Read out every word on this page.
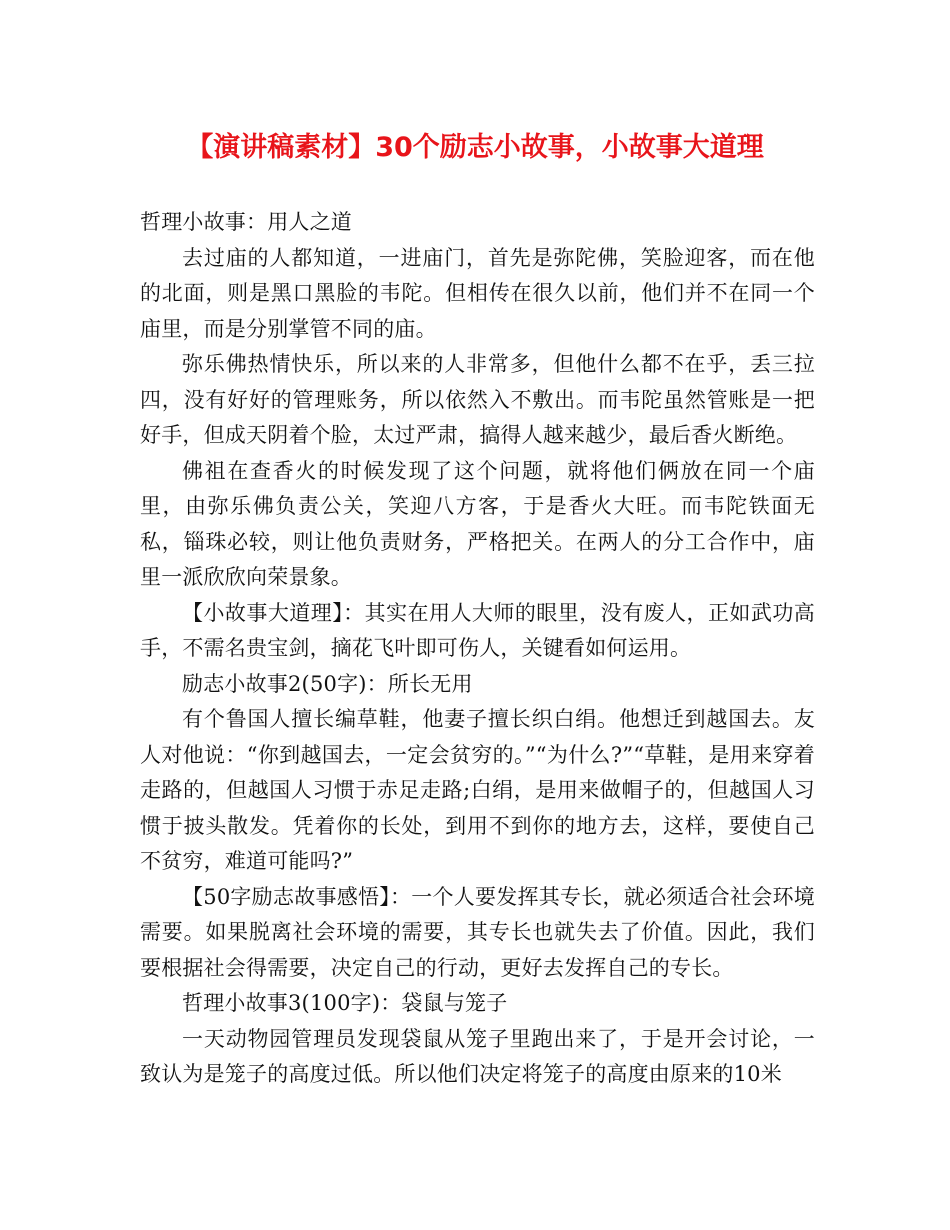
【演讲稿素材】30个励志小故事，小故事大道理

哲理小故事：用人之道

去过庙的人都知道，一进庙门，首先是弥陀佛，笑脸迎客，而在他的北面，则是黑口黑脸的韦陀。但相传在很久以前，他们并不在同一个庙里，而是分别掌管不同的庙。

弥乐佛热情快乐，所以来的人非常多，但他什么都不在乎，丢三拉四，没有好好的管理账务，所以依然入不敷出。而韦陀虽然管账是一把好手，但成天阴着个脸，太过严肃，搞得人越来越少，最后香火断绝。

佛祖在查香火的时候发现了这个问题，就将他们俩放在同一个庙里，由弥乐佛负责公关，笑迎八方客，于是香火大旺。而韦陀铁面无私，锱珠必较，则让他负责财务，严格把关。在两人的分工合作中，庙里一派欣欣向荣景象。

【小故事大道理】：其实在用人大师的眼里，没有废人，正如武功高手，不需名贵宝剑，摘花飞叶即可伤人，关键看如何运用。

励志小故事2(50字)：所长无用

有个鲁国人擅长编草鞋，他妻子擅长织白绢。他想迁到越国去。友人对他说：“你到越国去，一定会贫穷的。”“为什么?”“草鞋，是用来穿着走路的，但越国人习惯于赤足走路;白绢，是用来做帽子的，但越国人习惯于披头散发。凭着你的长处，到用不到你的地方去，这样，要使自己不贫穷，难道可能吗?”

【50字励志故事感悟】：一个人要发挥其专长，就必须适合社会环境需要。如果脱离社会环境的需要，其专长也就失去了价值。因此，我们要根据社会得需要，决定自己的行动，更好去发挥自己的专长。

哲理小故事3(100字)：袋鼠与笼子

一天动物园管理员发现袋鼠从笼子里跑出来了，于是开会讨论，一致认为是笼子的高度过低。所以他们决定将笼子的高度由原来的10米
